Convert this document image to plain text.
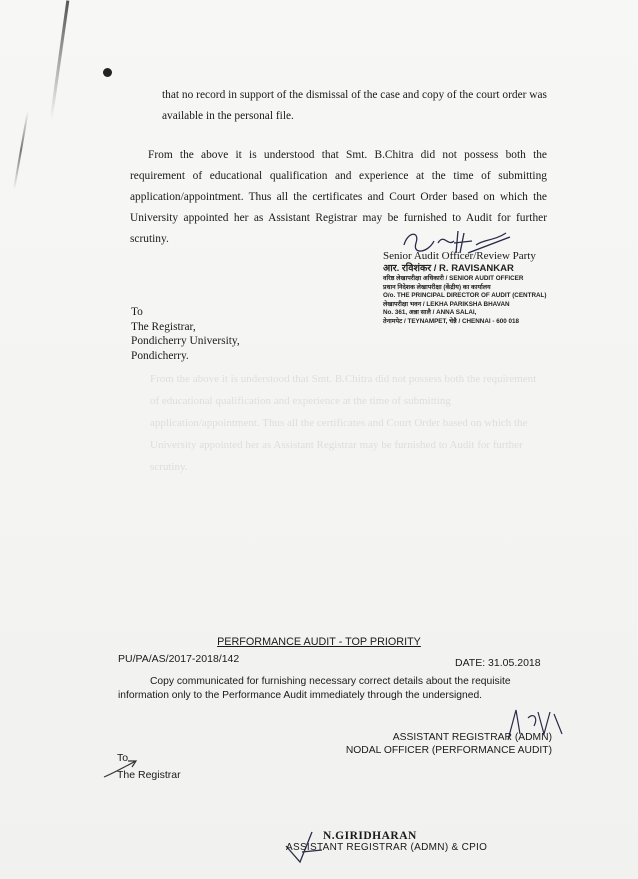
From the above it is understood that Smt. B.Chitra did not possess both the requirement
of educational qualification and experience at the time of submitting
application/appointment. Thus all the certificates and Court Order based on which the
University appointed her as Assistant Registrar may be furnished to Audit for further
scrutiny.

that no record in support of the dismissal of the case and copy of the court order was available in the personal file.

From the above it is understood that Smt. B.Chitra did not possess both the requirement of educational qualification and experience at the time of submitting application/appointment. Thus all the certificates and Court Order based on which the University appointed her as Assistant Registrar may be furnished to Audit for further scrutiny.

Senior Audit Officer/Review Party
आर. रविशंकर / R. RAVISANKAR
वरिष्ठ लेखापरीक्षा अधिकारी / SENIOR AUDIT OFFICER
प्रधान निदेशक लेखापरीक्षा (केंद्रीय) का कार्यालय
O/o. THE PRINCIPAL DIRECTOR OF AUDIT (CENTRAL)
लेखापरीक्षा भवन / LEKHA PARIKSHA BHAVAN
No. 361, अन्ना सालै / ANNA SALAI,
तेनामपेट / TEYNAMPET, चेन्नै / CHENNAI - 600 018
To
The Registrar,
Pondicherry University,
Pondicherry.
PERFORMANCE AUDIT - TOP PRIORITY
PU/PA/AS/2017-2018/142	DATE: 31.05.2018
Copy communicated for furnishing necessary correct details about the requisite information only to the Performance Audit immediately through the undersigned.
ASSISTANT REGISTRAR (ADMN)
NODAL OFFICER (PERFORMANCE AUDIT)
To
The Registrar
N.GIRIDHARAN
ASSISTANT REGISTRAR (ADMN) & CPIO
